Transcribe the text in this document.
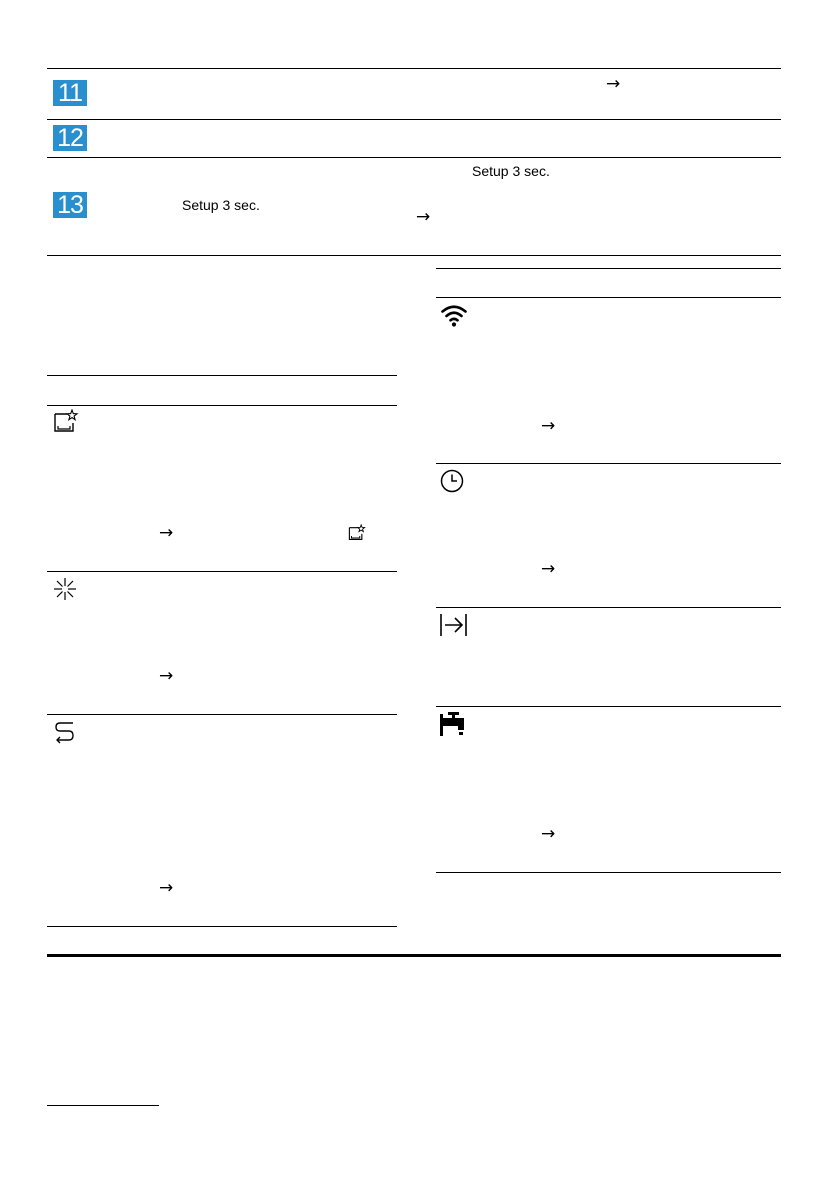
11
12
13
→
Setup 3 sec.
Setup 3 sec.
→
→
→
→
→
→
→
